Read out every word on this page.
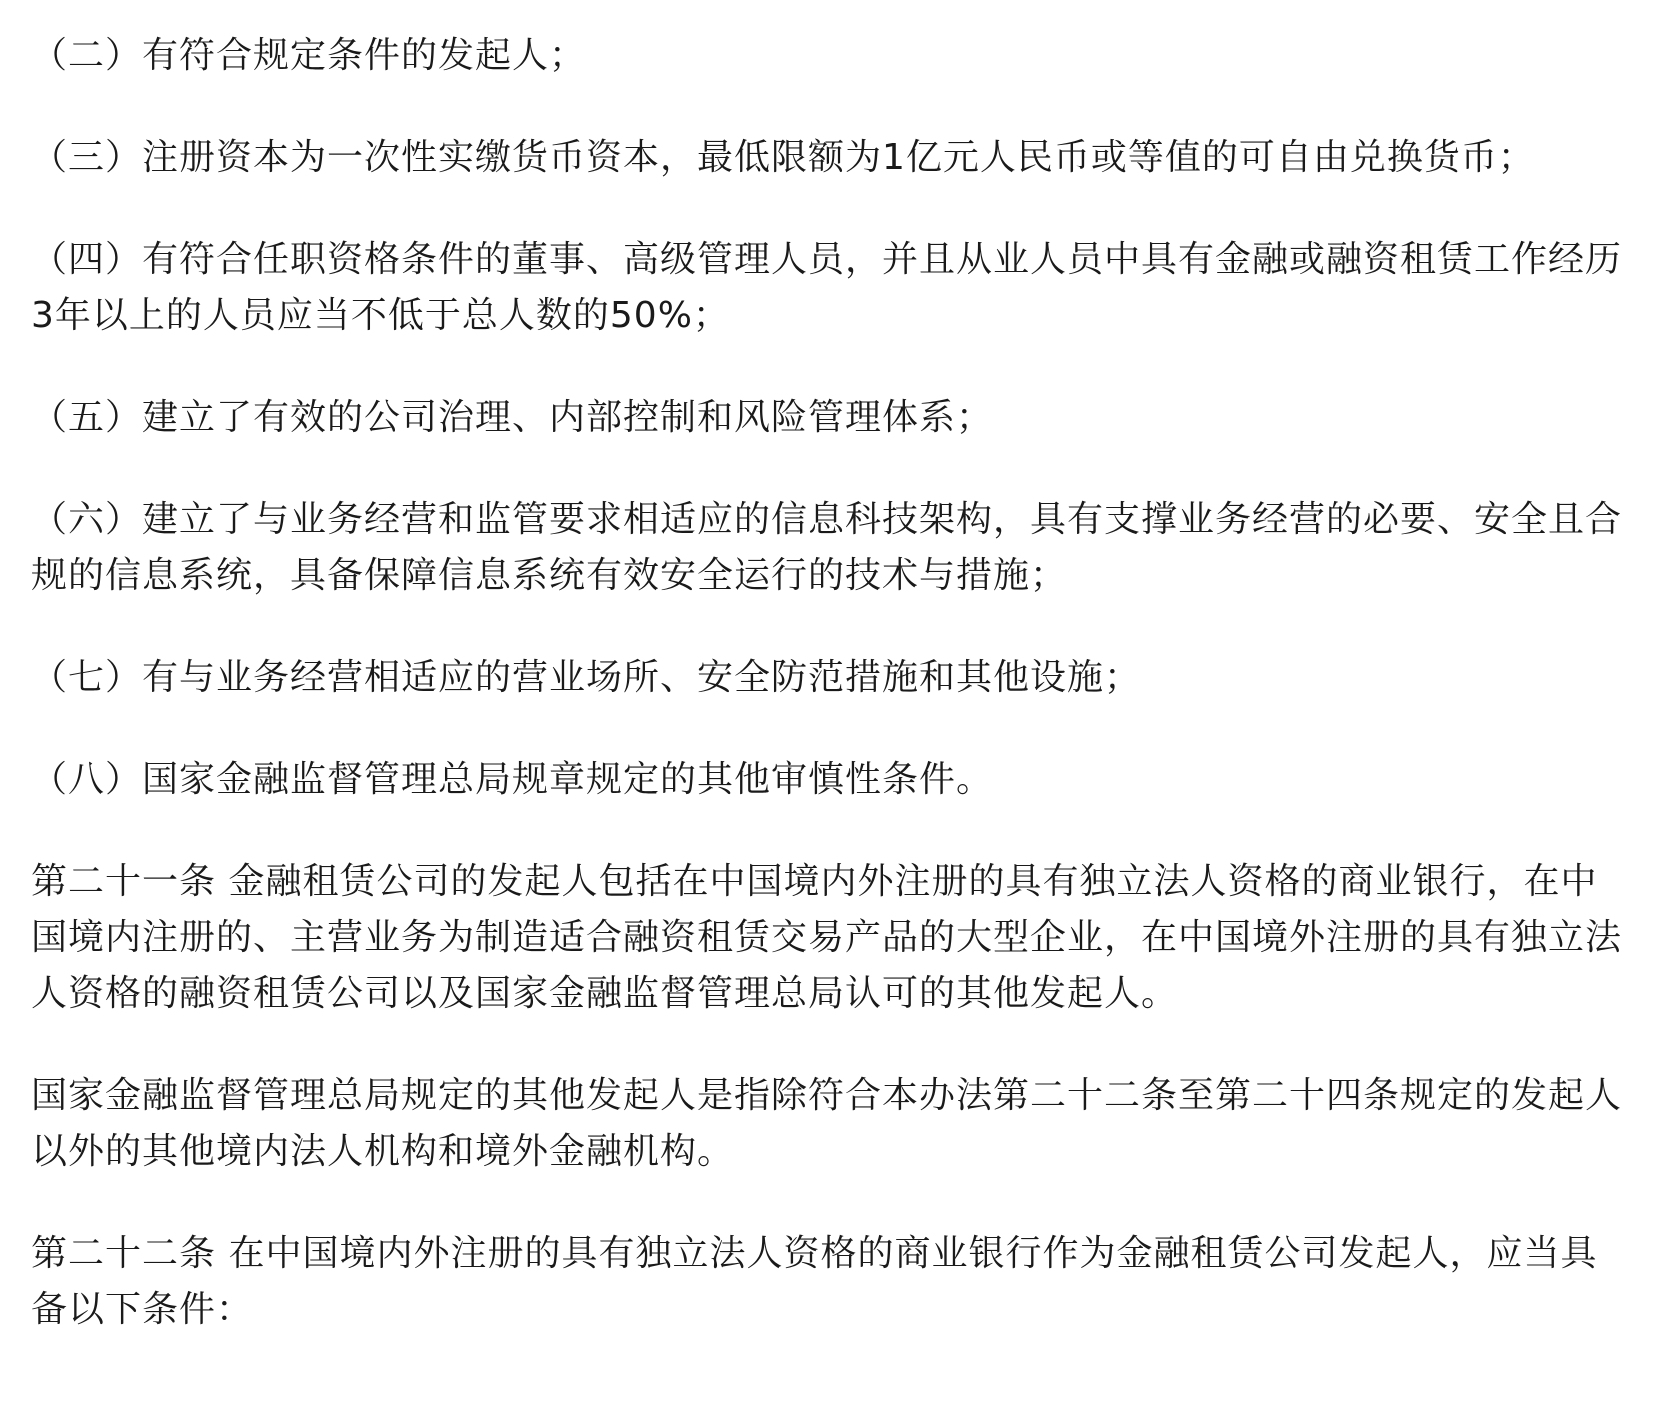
（二）有符合规定条件的发起人；

（三）注册资本为一次性实缴货币资本，最低限额为1亿元人民币或等值的可自由兑换货币；

（四）有符合任职资格条件的董事、高级管理人员，并且从业人员中具有金融或融资租赁工作经历3年以上的人员应当不低于总人数的50%；

（五）建立了有效的公司治理、内部控制和风险管理体系；

（六）建立了与业务经营和监管要求相适应的信息科技架构，具有支撑业务经营的必要、安全且合规的信息系统，具备保障信息系统有效安全运行的技术与措施；

（七）有与业务经营相适应的营业场所、安全防范措施和其他设施；

（八）国家金融监督管理总局规章规定的其他审慎性条件。

第二十一条 金融租赁公司的发起人包括在中国境内外注册的具有独立法人资格的商业银行，在中国境内注册的、主营业务为制造适合融资租赁交易产品的大型企业，在中国境外注册的具有独立法人资格的融资租赁公司以及国家金融监督管理总局认可的其他发起人。

国家金融监督管理总局规定的其他发起人是指除符合本办法第二十二条至第二十四条规定的发起人以外的其他境内法人机构和境外金融机构。

第二十二条 在中国境内外注册的具有独立法人资格的商业银行作为金融租赁公司发起人，应当具备以下条件：
